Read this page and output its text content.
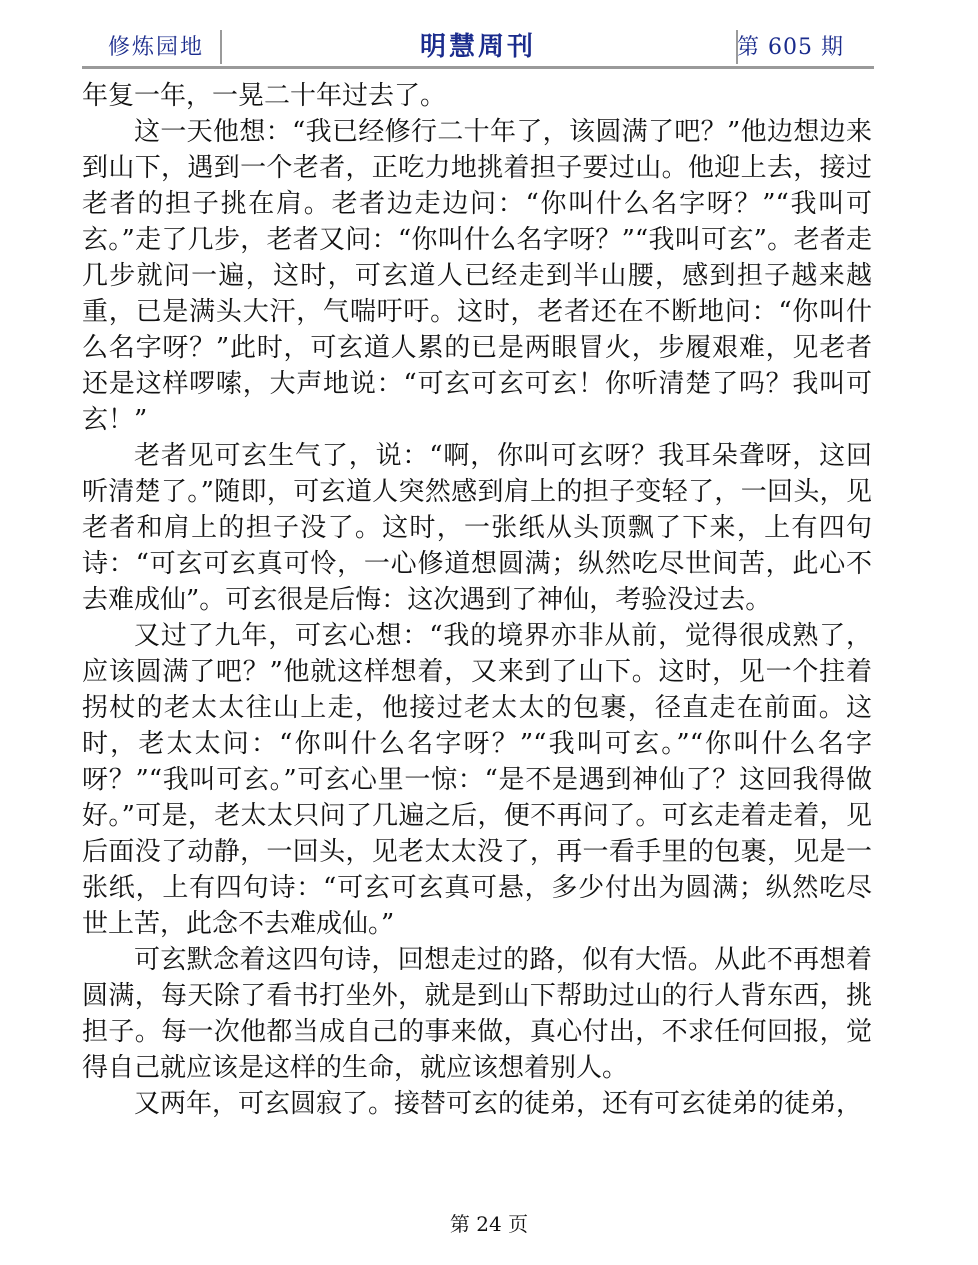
修炼园地	明慧周刊	第 605 期

年复一年，一晃二十年过去了。

这一天他想：“我已经修行二十年了，该圆满了吧？”他边想边来到山下，遇到一个老者，正吃力地挑着担子要过山。他迎上去，接过老者的担子挑在肩。老者边走边问：“你叫什么名字呀？”“我叫可玄。”走了几步，老者又问：“你叫什么名字呀？”“我叫可玄”。老者走几步就问一遍，这时，可玄道人已经走到半山腰，感到担子越来越重，已是满头大汗，气喘吁吁。这时，老者还在不断地问：“你叫什么名字呀？”此时，可玄道人累的已是两眼冒火，步履艰难，见老者还是这样啰嗦，大声地说：“可玄可玄可玄！你听清楚了吗？我叫可玄！”

老者见可玄生气了，说：“啊，你叫可玄呀？我耳朵聋呀，这回听清楚了。”随即，可玄道人突然感到肩上的担子变轻了，一回头，见老者和肩上的担子没了。这时，一张纸从头顶飘了下来，上有四句诗：“可玄可玄真可怜，一心修道想圆满；纵然吃尽世间苦，此心不去难成仙”。可玄很是后悔：这次遇到了神仙，考验没过去。

又过了九年，可玄心想：“我的境界亦非从前，觉得很成熟了，应该圆满了吧？”他就这样想着，又来到了山下。这时，见一个拄着拐杖的老太太往山上走，他接过老太太的包裹，径直走在前面。这时，老太太问：“你叫什么名字呀？”“我叫可玄。”“你叫什么名字呀？”“我叫可玄。”可玄心里一惊：“是不是遇到神仙了？这回我得做好。”可是，老太太只问了几遍之后，便不再问了。可玄走着走着，见后面没了动静，一回头，见老太太没了，再一看手里的包裹，见是一张纸，上有四句诗：“可玄可玄真可悬，多少付出为圆满；纵然吃尽世上苦，此念不去难成仙。”

可玄默念着这四句诗，回想走过的路，似有大悟。从此不再想着圆满，每天除了看书打坐外，就是到山下帮助过山的行人背东西，挑担子。每一次他都当成自己的事来做，真心付出，不求任何回报，觉得自己就应该是这样的生命，就应该想着别人。

又两年，可玄圆寂了。接替可玄的徒弟，还有可玄徒弟的徒弟，

第 24 页
